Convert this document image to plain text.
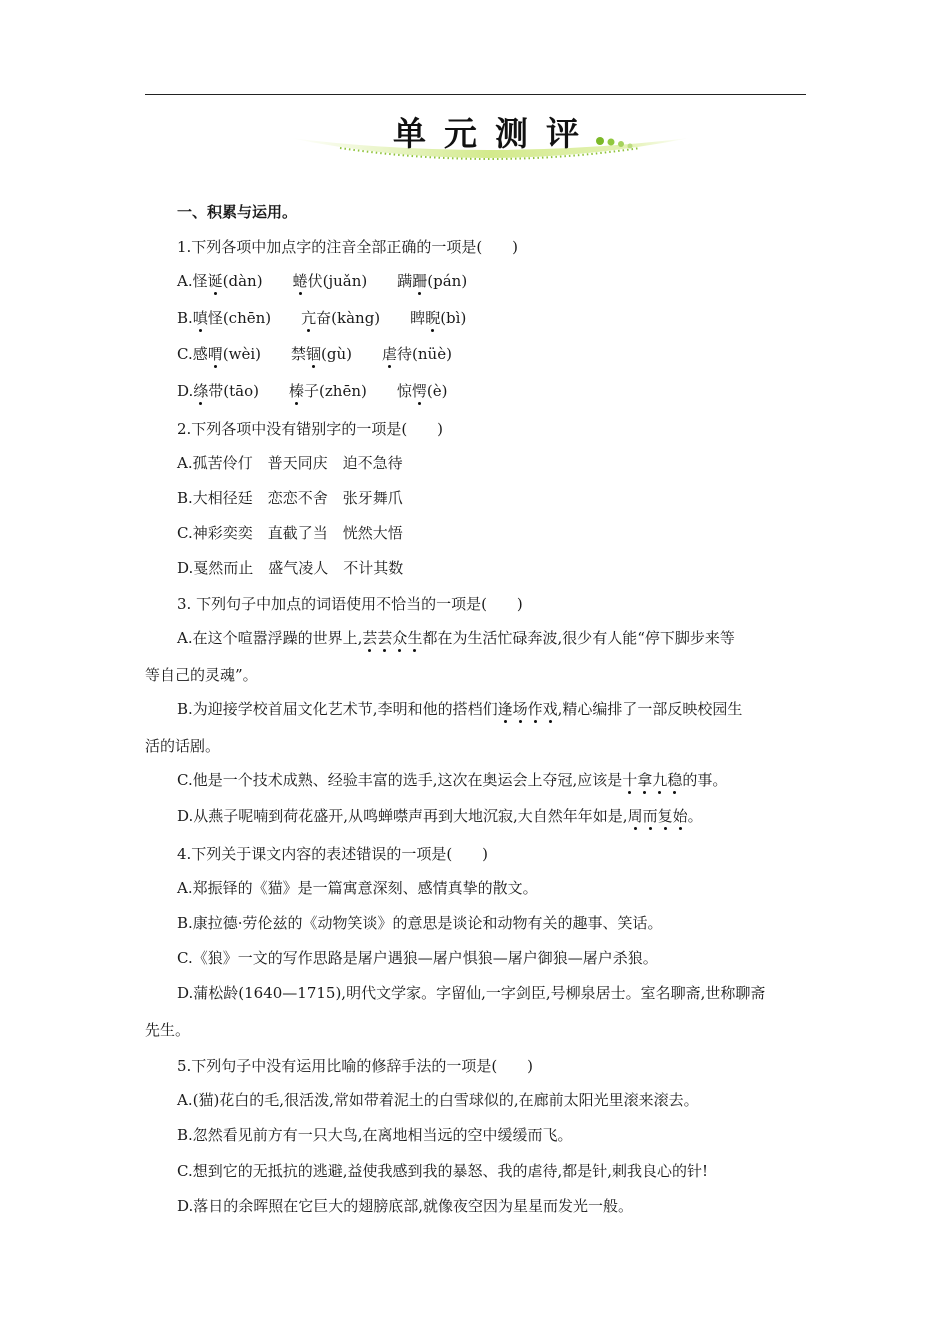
单元测评
一、积累与运用。
1.下列各项中加点字的注音全部正确的一项是(　　)
A.怪诞(dàn)　　 蜷伏(juǎn)　　 蹒跚(pán)
B.嗔怪(chēn)　　 亢奋(kàng)　　 睥睨(bì)
C.感喟(wèi)　　 禁锢(gù)　　 虐待(nüè)
D.绦带(tāo)　　 榛子(zhēn)　　 惊愕(è)
2.下列各项中没有错别字的一项是(　　)
A.孤苦伶仃　普天同庆　迫不急待
B.大相径廷　恋恋不舍　张牙舞爪
C.神彩奕奕　直截了当　恍然大悟
D.戛然而止　盛气凌人　不计其数
3. 下列句子中加点的词语使用不恰当的一项是(　　)
A.在这个喧嚣浮躁的世界上,芸芸众生都在为生活忙碌奔波,很少有人能“停下脚步来等
等自己的灵魂”。
B.为迎接学校首届文化艺术节,李明和他的搭档们逢场作戏,精心编排了一部反映校园生
活的话剧。
C.他是一个技术成熟、经验丰富的选手,这次在奥运会上夺冠,应该是十拿九稳的事。
D.从燕子呢喃到荷花盛开,从鸣蝉噤声再到大地沉寂,大自然年年如是,周而复始。
4.下列关于课文内容的表述错误的一项是(　　)
A.郑振铎的《猫》是一篇寓意深刻、感情真挚的散文。
B.康拉德·劳伦兹的《动物笑谈》的意思是谈论和动物有关的趣事、笑话。
C.《狼》一文的写作思路是屠户遇狼—屠户惧狼—屠户御狼—屠户杀狼。
D.蒲松龄(1640—1715),明代文学家。字留仙,一字剑臣,号柳泉居士。室名聊斋,世称聊斋
先生。
5.下列句子中没有运用比喻的修辞手法的一项是(　　)
A.(猫)花白的毛,很活泼,常如带着泥土的白雪球似的,在廊前太阳光里滚来滚去。
B.忽然看见前方有一只大鸟,在离地相当远的空中缓缓而飞。
C.想到它的无抵抗的逃避,益使我感到我的暴怒、我的虐待,都是针,刺我良心的针!
D.落日的余晖照在它巨大的翅膀底部,就像夜空因为星星而发光一般。
